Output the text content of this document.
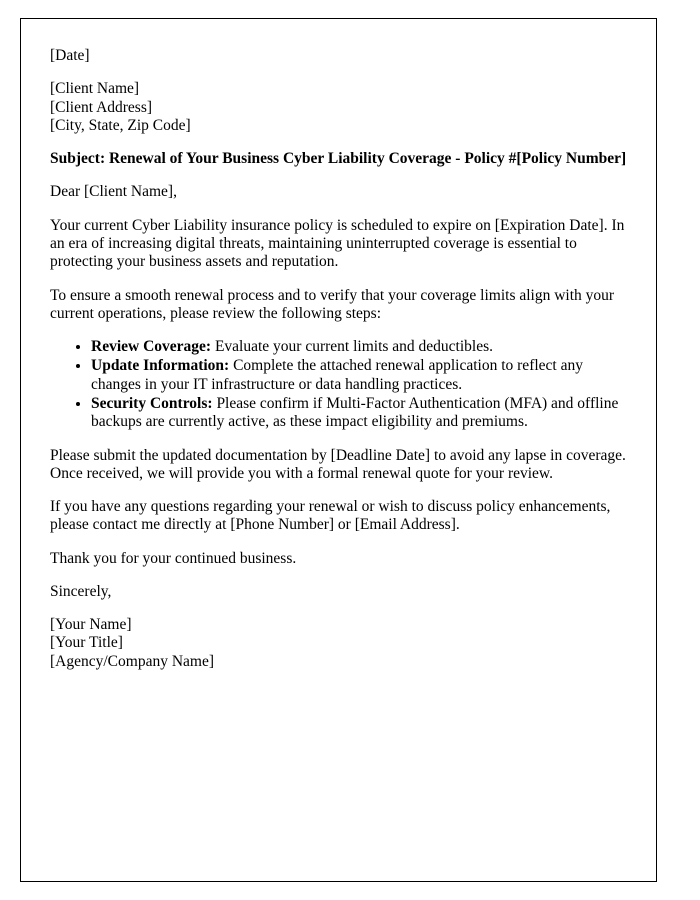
[Date]

[Client Name]
[Client Address]
[City, State, Zip Code]

Subject: Renewal of Your Business Cyber Liability Coverage - Policy #[Policy Number]

Dear [Client Name],

Your current Cyber Liability insurance policy is scheduled to expire on [Expiration Date]. In an era of increasing digital threats, maintaining uninterrupted coverage is essential to protecting your business assets and reputation.

To ensure a smooth renewal process and to verify that your coverage limits align with your current operations, please review the following steps:

• Review Coverage: Evaluate your current limits and deductibles.
• Update Information: Complete the attached renewal application to reflect any changes in your IT infrastructure or data handling practices.
• Security Controls: Please confirm if Multi-Factor Authentication (MFA) and offline backups are currently active, as these impact eligibility and premiums.

Please submit the updated documentation by [Deadline Date] to avoid any lapse in coverage. Once received, we will provide you with a formal renewal quote for your review.

If you have any questions regarding your renewal or wish to discuss policy enhancements, please contact me directly at [Phone Number] or [Email Address].

Thank you for your continued business.

Sincerely,

[Your Name]
[Your Title]
[Agency/Company Name]
